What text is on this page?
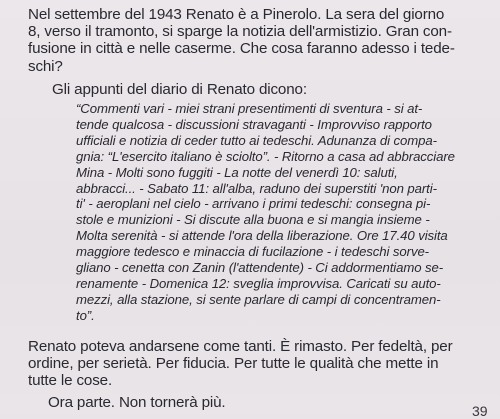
Nel settembre del 1943 Renato è a Pinerolo. La sera del giorno
8, verso il tramonto, si sparge la notizia dell'armistizio. Gran con-
fusione in città e nelle caserme. Che cosa faranno adesso i tede-
schi?
Gli appunti del diario di Renato dicono:
“Commenti vari - miei strani presentimenti di sventura - si at-
tende qualcosa - discussioni stravaganti - Improvviso rapporto
ufficiali e notizia di ceder tutto ai tedeschi. Adunanza di compa-
gnia: “L'esercito italiano è sciolto”. - Ritorno a casa ad abbracciare
Mina - Molti sono fuggiti - La notte del venerdì 10: saluti,
abbracci... - Sabato 11: all'alba, raduno dei superstiti 'non parti-
ti' - aeroplani nel cielo - arrivano i primi tedeschi: consegna pi-
stole e munizioni - Si discute alla buona e si mangia insieme -
Molta serenità - si attende l'ora della liberazione. Ore 17.40 visita
maggiore tedesco e minaccia di fucilazione - i tedeschi sorve-
gliano - cenetta con Zanin (l'attendente) - Ci addormentiamo se-
renamente - Domenica 12: sveglia improvvisa. Caricati su auto-
mezzi, alla stazione, si sente parlare di campi di concentramen-
to”.
Renato poteva andarsene come tanti. È rimasto. Per fedeltà, per
ordine, per serietà. Per fiducia. Per tutte le qualità che mette in
tutte le cose.
Ora parte. Non tornerà più.	39
